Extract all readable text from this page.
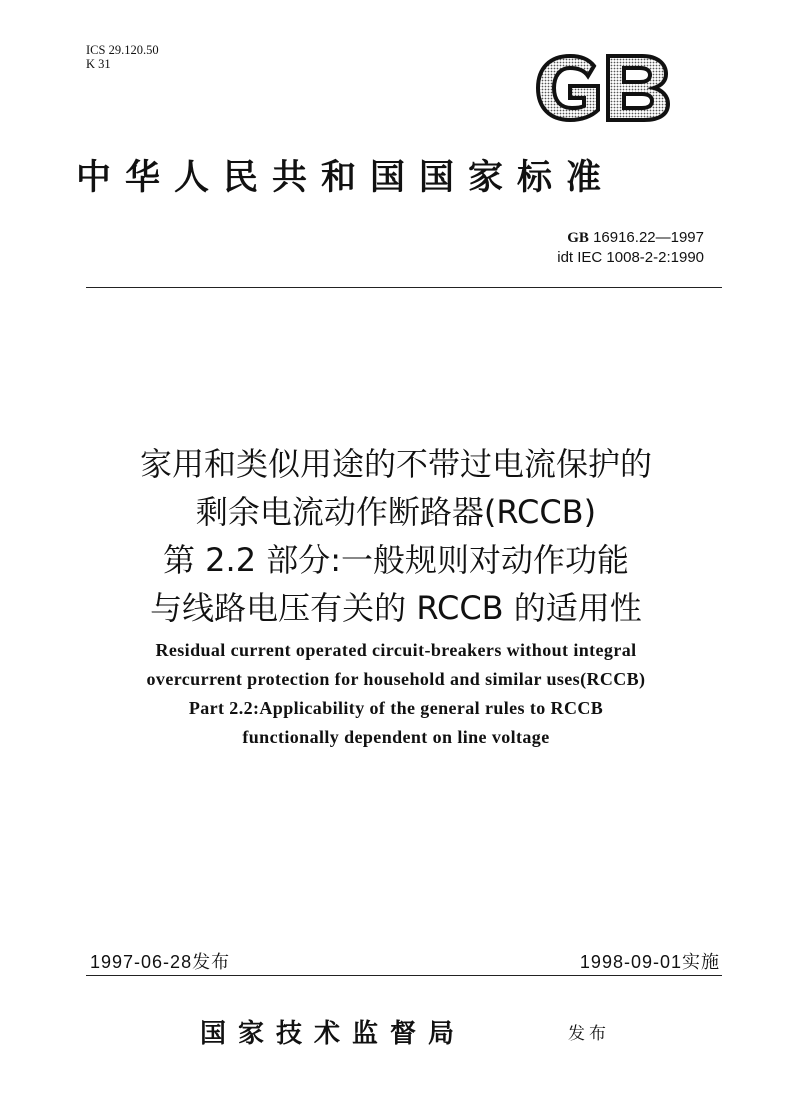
ICS 29.120.50
K 31
中华人民共和国国家标准
GB 16916.22—1997
idt IEC 1008-2-2:1990
家用和类似用途的不带过电流保护的
剩余电流动作断路器(RCCB)
第 2.2 部分:一般规则对动作功能
与线路电压有关的 RCCB 的适用性
Residual current operated circuit-breakers without integral
overcurrent protection for household and similar uses(RCCB)
Part 2.2:Applicability of the general rules to RCCB
functionally dependent on line voltage
1997-06-28发布	1998-09-01实施
国家技术监督局	发布
